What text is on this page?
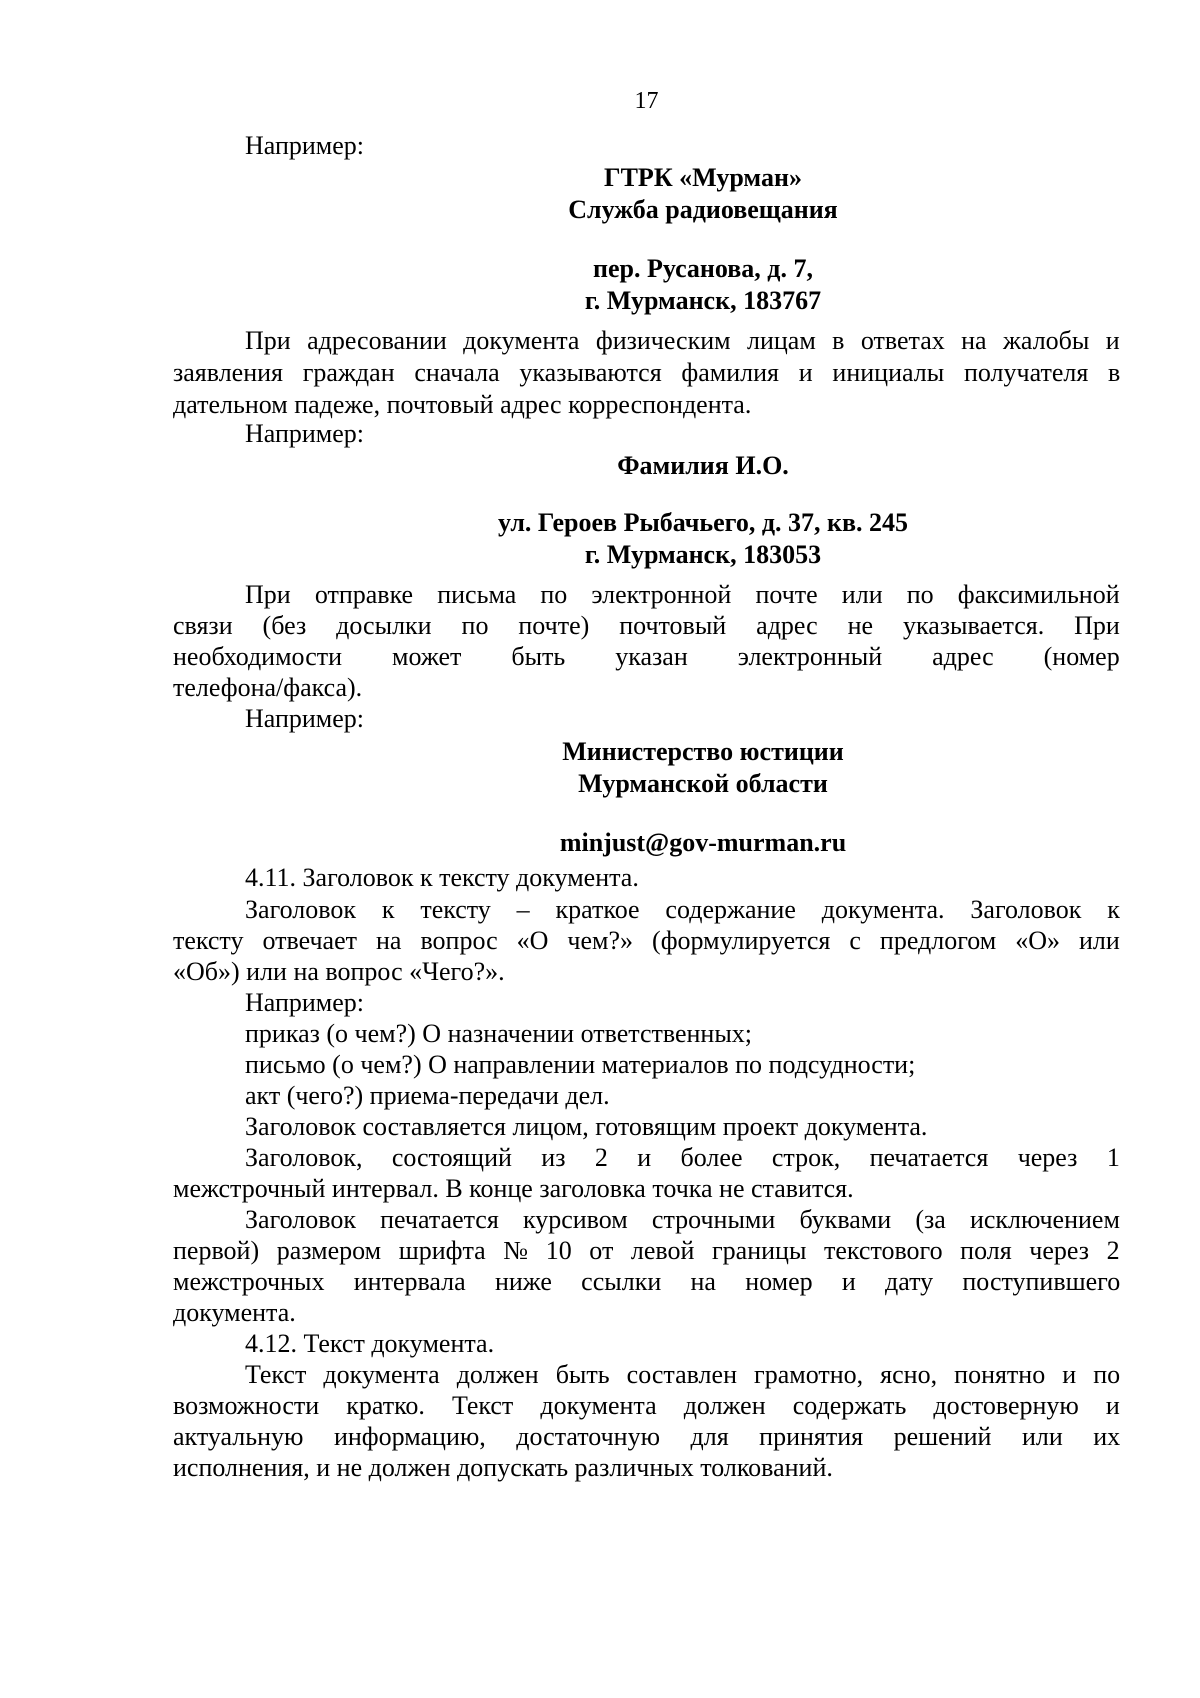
17
Например:
ГТРК «Мурман»
Служба радиовещания
пер. Русанова, д. 7,
г. Мурманск, 183767
При адресовании документа физическим лицам в ответах на жалобы и
заявления граждан сначала указываются фамилия и инициалы получателя в
дательном падеже, почтовый адрес корреспондента.
Например:
Фамилия И.О.
ул. Героев Рыбачьего, д. 37, кв. 245
г. Мурманск, 183053
При отправке письма по электронной почте или по факсимильной
связи (без досылки по почте) почтовый адрес не указывается. При
необходимости может быть указан электронный адрес (номер
телефона/факса).
Например:
Министерство юстиции
Мурманской области
minjust@gov-murman.ru
4.11. Заголовок к тексту документа.
Заголовок к тексту – краткое содержание документа. Заголовок к
тексту отвечает на вопрос «О чем?» (формулируется с предлогом «О» или
«Об») или на вопрос «Чего?».
Например:
приказ (о чем?) О назначении ответственных;
письмо (о чем?) О направлении материалов по подсудности;
акт (чего?) приема-передачи дел.
Заголовок составляется лицом, готовящим проект документа.
Заголовок, состоящий из 2 и более строк, печатается через 1
межстрочный интервал. В конце заголовка точка не ставится.
Заголовок печатается курсивом строчными буквами (за исключением
первой) размером шрифта № 10 от левой границы текстового поля через 2
межстрочных интервала ниже ссылки на номер и дату поступившего
документа.
4.12. Текст документа.
Текст документа должен быть составлен грамотно, ясно, понятно и по
возможности кратко. Текст документа должен содержать достоверную и
актуальную информацию, достаточную для принятия решений или их
исполнения, и не должен допускать различных толкований.
